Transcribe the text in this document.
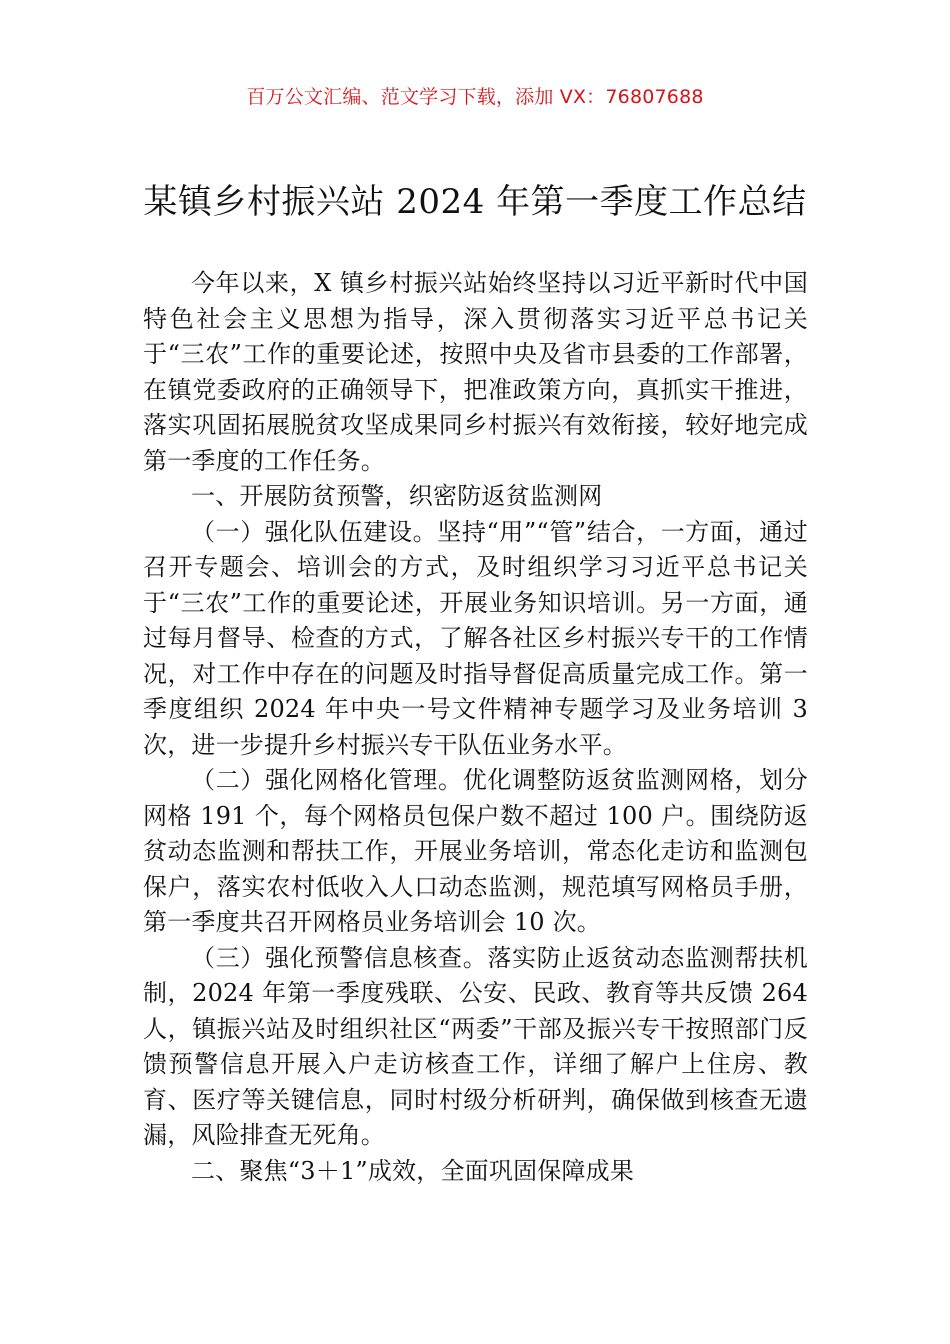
百万公文汇编、范文学习下载，添加 VX：76807688
某镇乡村振兴站 2024 年第一季度工作总结

今年以来，X 镇乡村振兴站始终坚持以习近平新时代中国特色社会主义思想为指导，深入贯彻落实习近平总书记关于“三农”工作的重要论述，按照中央及省市县委的工作部署，在镇党委政府的正确领导下，把准政策方向，真抓实干推进，落实巩固拓展脱贫攻坚成果同乡村振兴有效衔接，较好地完成第一季度的工作任务。

一、开展防贫预警，织密防返贫监测网

（一）强化队伍建设。坚持“用”“管”结合，一方面，通过召开专题会、培训会的方式，及时组织学习习近平总书记关于“三农”工作的重要论述，开展业务知识培训。另一方面，通过每月督导、检查的方式，了解各社区乡村振兴专干的工作情况，对工作中存在的问题及时指导督促高质量完成工作。第一季度组织 2024 年中央一号文件精神专题学习及业务培训 3 次，进一步提升乡村振兴专干队伍业务水平。

（二）强化网格化管理。优化调整防返贫监测网格，划分网格 191 个，每个网格员包保户数不超过 100 户。围绕防返贫动态监测和帮扶工作，开展业务培训，常态化走访和监测包保户，落实农村低收入人口动态监测，规范填写网格员手册，第一季度共召开网格员业务培训会 10 次。

（三）强化预警信息核查。落实防止返贫动态监测帮扶机制，2024 年第一季度残联、公安、民政、教育等共反馈 264 人，镇振兴站及时组织社区“两委”干部及振兴专干按照部门反馈预警信息开展入户走访核查工作，详细了解户上住房、教育、医疗等关键信息，同时村级分析研判，确保做到核查无遗漏，风险排查无死角。

二、聚焦“3＋1”成效，全面巩固保障成果
